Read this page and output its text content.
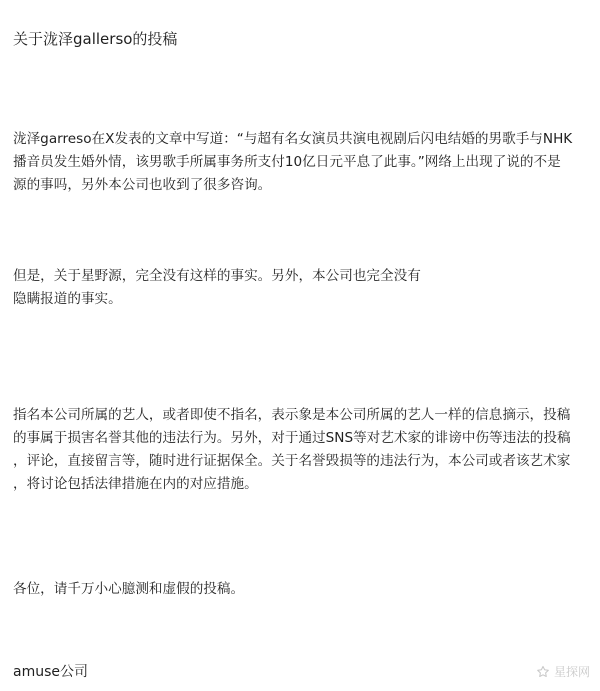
关于泷泽gallerso的投稿
泷泽garreso在X发表的文章中写道：“与超有名女演员共演电视剧后闪电结婚的男歌手与NHK
播音员发生婚外情，该男歌手所属事务所支付10亿日元平息了此事。”网络上出现了说的不是
源的事吗，另外本公司也收到了很多咨询。
但是，关于星野源，完全没有这样的事实。另外，本公司也完全没有
隐瞒报道的事实。
指名本公司所属的艺人，或者即使不指名，表示象是本公司所属的艺人一样的信息摘示，投稿
的事属于损害名誉其他的违法行为。另外，对于通过SNS等对艺术家的诽谤中伤等违法的投稿
，评论，直接留言等，随时进行证据保全。关于名誉毁损等的违法行为，本公司或者该艺术家
，将讨论包括法律措施在内的对应措施。
各位，请千万小心臆测和虚假的投稿。
amuse公司	星探网
